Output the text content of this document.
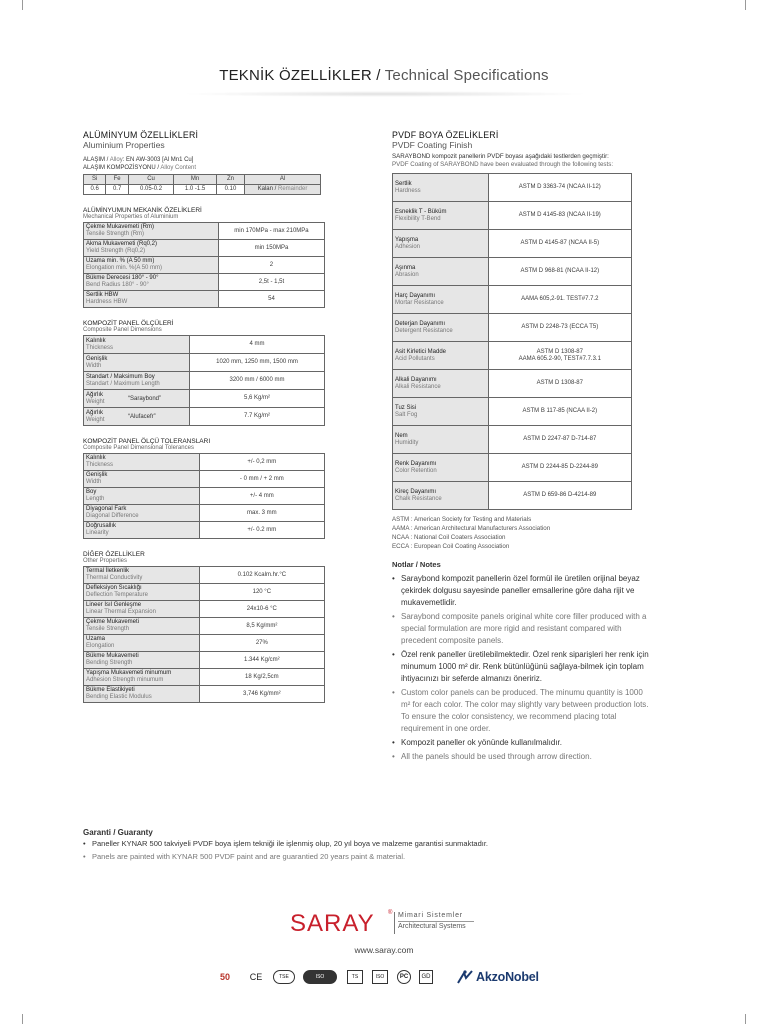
TEKNİK ÖZELLİKLER / Technical Specifications
ALÜMİNYUM ÖZELLİKLERİ
Aluminium Properties
ALAŞIM / Alloy: EN AW-3003 [Al Mn1 Cu]
ALAŞIM KOMPOZİSYONU / Alloy Content
Si	Fe	Cu	Mn	Zn	Al
0.6	0.7	0.05-0.2	1.0 -1.5	0.10	Kalan / Remainder
ALÜMİNYUMUN MEKANİK ÖZELİKLERİ
Mechanical Properties of Aluminium
Çekme Mukavemeti (Rm)
Tensile Strength (Rm)	min 170MPa - max 210MPa

Akma Mukavemeti (Rq0,2)
Yield Strength (Rq0,2)	min 150MPa

Uzama min. % (A 50 mm)
Elongation min. %(A 50 mm)	2

Bükme Derecesi 180° - 90°
Bend Radius 180° - 90°	2,5t - 1,5t

Sertlik HBW
Hardness HBW	54
KOMPOZİT PANEL ÖLÇÜLERİ
Composite Panel Dimensions
Kalınlık
Thickness	4 mm

Genişlik
Width	1020 mm, 1250 mm, 1500 mm

Standart / Maksimum Boy
Standart / Maximum Length	3200 mm / 6000 mm

Ağırlık
Weight “Saraybond”	5,6 Kg/m²

Ağırlık
Weight “Alufacefr”	7.7 Kg/m²
KOMPOZİT PANEL ÖLÇÜ TOLERANSLARI
Composite Panel Dimensional Tolerances
Kalınlık
Thickness	+/- 0,2 mm

Genişlik
Width	- 0 mm / + 2 mm

Boy
Length	+/- 4 mm

Diyagonal Fark
Diagonal Difference	max. 3 mm

Doğrusallık
Linearity	+/- 0.2 mm
DİĞER ÖZELLİKLER
Other Properties
Termal İletkenlik
Thermal Conductivity	0.102 Kcalm.hr.°C

Defleksiyon Sıcaklığı
Deflection Temperature	120 °C

Lineer Isıl Genleşme
Linear Thermal Expansion	24x10-6 °C

Çekme Mukavemeti
Tensile Strength	8,5 Kg/mm²

Uzama
Elongation	27%

Bükme Mukavemeti
Bending Strength	1.344 Kg/cm²

Yapışma Mukavemeti minumum
Adhesion Strength minumum	18 Kg/2,5cm

Bükme Elastikiyeti
Bending Elastic Modulus	3,746 Kg/mm²
PVDF BOYA ÖZELİKLERİ
PVDF Coating Finish
SARAYBOND kompozit panellerin PVDF boyası aşağıdaki testlerden geçmiştir:
PVDF Coating of SARAYBOND have been evaluated through the following tests:
Sertlik
Hardness	ASTM D 3363-74 (NCAA II-12)

Esneklik T - Büküm
Flexibility T-Bend	ASTM D 4145-83 (NCAA II-19)

Yapışma
Adhesion	ASTM D 4145-87 (NCAA II-5)

Aşınma
Abrasion	ASTM D 968-81 (NCAA II-12)

Harç Dayanımı
Mortar Resistance	AAMA 605,2-91. TEST#7.7.2

Deterjan Dayanımı
Detergent Resistance	ASTM D 2248-73 (ECCA T5)

Asit Kirletici Madde
Acid Pollutants	ASTM D 1308-87
AAMA 605.2-90, TEST#7.7.3.1

Alkali Dayanımı
Alkali Resistance	ASTM D 1308-87

Tuz Sisi
Salt Fog	ASTM B 117-85 (NCAA II-2)

Nem
Humidity	ASTM D 2247-87 D-714-87

Renk Dayanımı
Color Retention	ASTM D 2244-85 D-2244-89

Kireç Dayanımı
Chalk Resistance	ASTM D 659-86 D-4214-89
ASTM : American Society for Testing and Materials
AAMA : American Architectural Manufacturers Association
NCAA : National Coil Coaters Association
ECCA : European Coil Coating Association
Notlar / Notes
• Saraybond kompozit panellerin özel formül ile üretilen orijinal beyaz çekirdek dolgusu sayesinde paneller emsallerine göre daha rijit ve mukavemetlidir.
• Saraybond composite panels original white core filler produced with a special formulation are more rigid and resistant compared with precedent composite panels.
• Özel renk paneller üretilebilmektedir. Özel renk siparişleri her renk için minumum 1000 m² dir. Renk bütünlüğünü sağlaya-bilmek için toplam ihtiyacınızı bir seferde almanızı öneririz.
• Custom color panels can be produced. The minumu quantity is 1000 m² for each color. The color may slightly vary between production lots. To ensure the color consistency, we recommend placing total requirement in one order.
• Kompozit paneller ok yönünde kullanılmalıdır.
• All the panels should be used through arrow direction.
Garanti / Guaranty
• Paneller KYNAR 500 takviyeli PVDF boya işlem tekniği ile işlenmiş olup, 20 yıl boya ve malzeme garantisi sunmaktadır.
• Panels are painted with KYNAR 500 PVDF paint and are guarantied 20 years paint & material.
SARAY ® Mimari Sistemler
Architectural Systems
www.saray.com
50	CE	TSE	ISO	TS	ISO	PC	GD	AkzoNobel
